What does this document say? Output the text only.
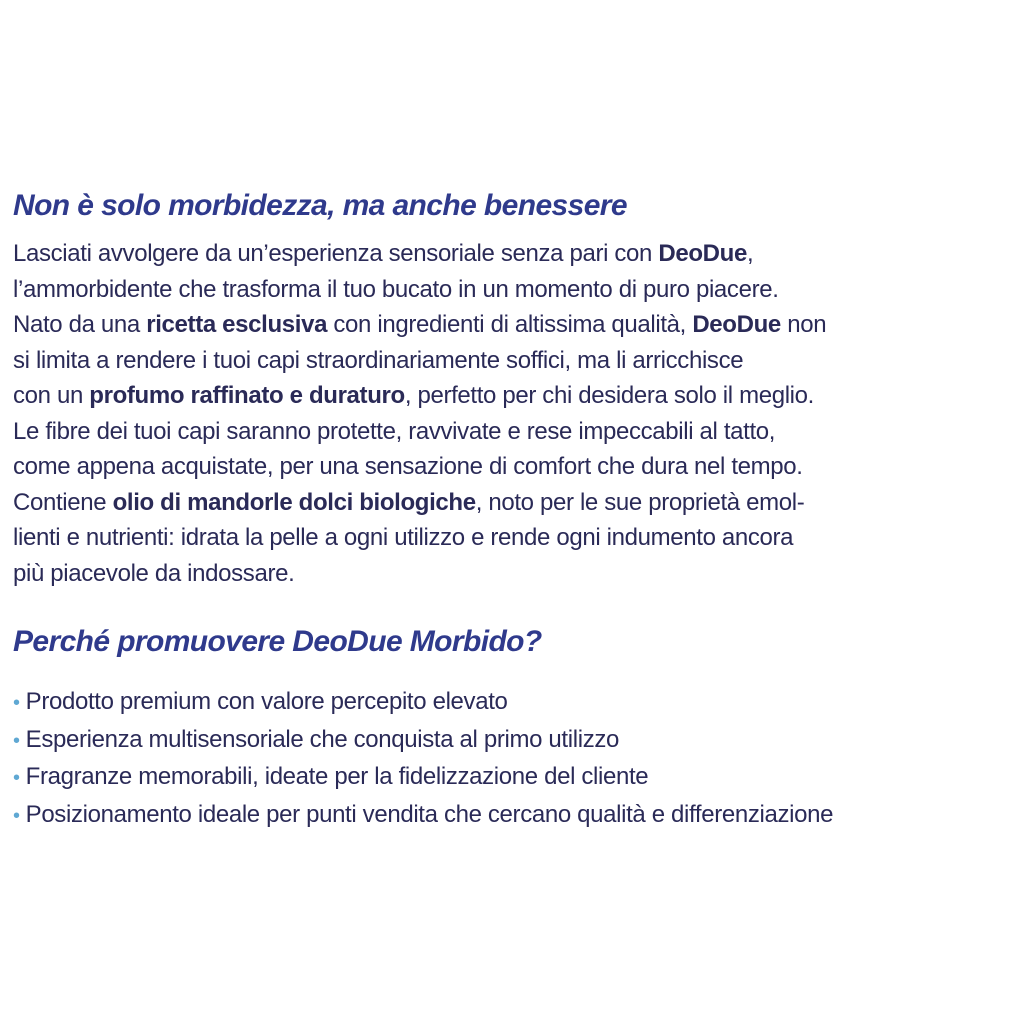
Non è solo morbidezza, ma anche benessere

Lasciati avvolgere da un’esperienza sensoriale senza pari con DeoDue,
l’ammorbidente che trasforma il tuo bucato in un momento di puro piacere.
Nato da una ricetta esclusiva con ingredienti di altissima qualità, DeoDue non
si limita a rendere i tuoi capi straordinariamente soffici, ma li arricchisce
con un profumo raffinato e duraturo, perfetto per chi desidera solo il meglio.
Le fibre dei tuoi capi saranno protette, ravvivate e rese impeccabili al tatto,
come appena acquistate, per una sensazione di comfort che dura nel tempo.
Contiene olio di mandorle dolci biologiche, noto per le sue proprietà emol-
lienti e nutrienti: idrata la pelle a ogni utilizzo e rende ogni indumento ancora
più piacevole da indossare.

Perché promuovere DeoDue Morbido?
• Prodotto premium con valore percepito elevato
• Esperienza multisensoriale che conquista al primo utilizzo
• Fragranze memorabili, ideate per la fidelizzazione del cliente
• Posizionamento ideale per punti vendita che cercano qualità e differenziazione
